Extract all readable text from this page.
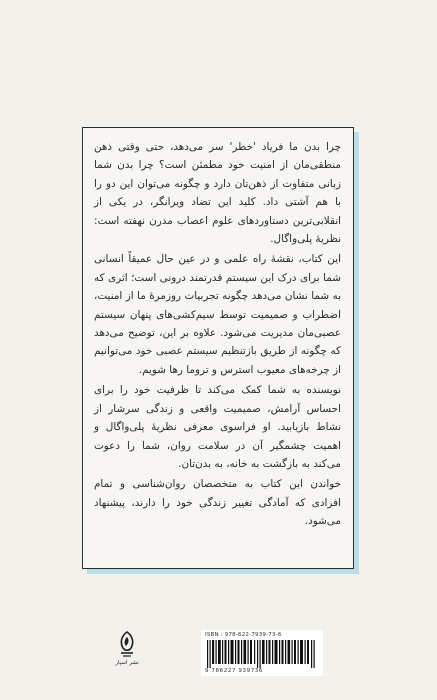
چرا بدن ما فریاد 'خطر' سر می‌دهد، حتی وقتی ذهن منطقی‌مان از امنیت خود مطمئن است؟ چرا بدن شما زبانی متفاوت از ذهن‌تان دارد و چگونه می‌توان این دو را با هم آشتی داد. کلید این تضاد ویرانگر، در یکی از انقلابی‌ترین دستاوردهای علوم اعصاب مدرن نهفته است: نظریهٔ پلی‌واگال.

این کتاب، نقشهٔ راه علمی و در عین حال عمیقاً انسانی شما برای درک این سیستم قدرتمند درونی است؛ اثری که به شما نشان می‌دهد چگونه تجربیات روزمرهٔ ما از امنیت، اضطراب و صمیمیت توسط سیم‌کشی‌های پنهان سیستم عصبی‌مان مدیریت می‌شود. علاوه بر این، توضیح می‌دهد که چگونه از طریق بازتنظیم سیستم عصبی خود می‌توانیم از چرخه‌های معیوب استرس و تروما رها شویم.

نویسنده به شما کمک می‌کند تا ظرفیت خود را برای احساس آرامش، صمیمیت واقعی و زندگی سرشار از نشاط بازیابید. او فراسوی معرفی نظریهٔ پلی‌واگال و اهمیت چشمگیر آن در سلامت روان، شما را دعوت می‌کند به بازگشت به خانه، به بدن‌تان.

خواندن این کتاب به متخصصان روان‌شناسی و تمام افرادی که آمادگی تغییر زندگی خود را دارند، پیشنهاد می‌شود.

نشر اسپار
ISBN : 978-622-7939-73-6
9 786227 939736
